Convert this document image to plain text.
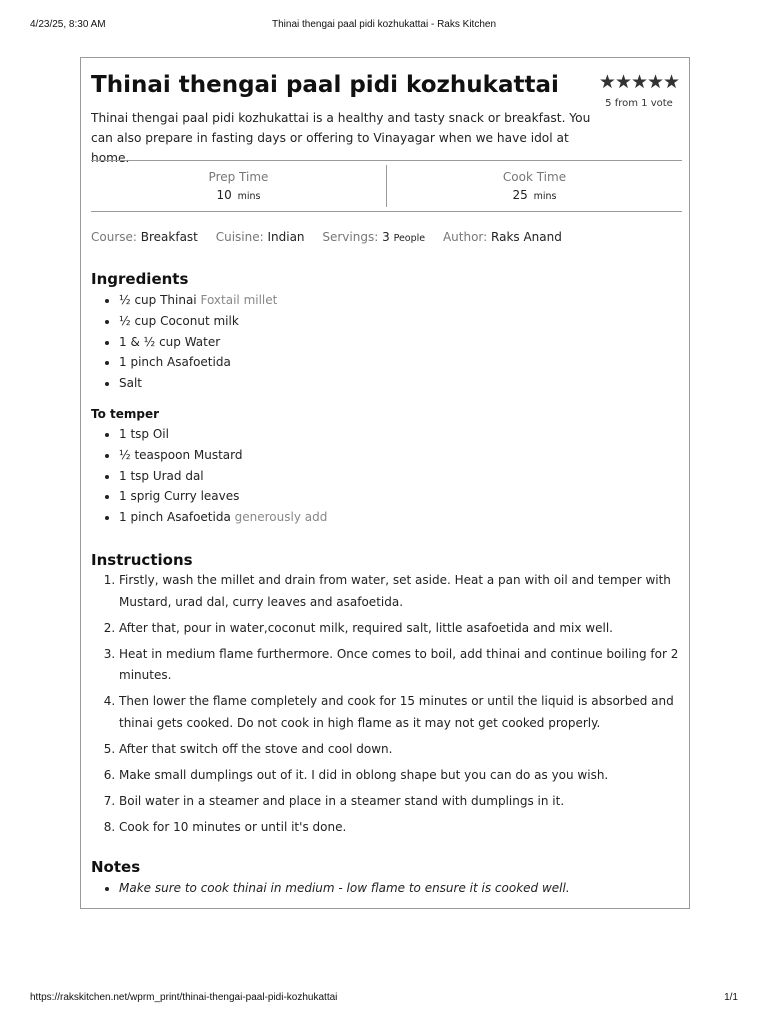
4/23/25, 8:30 AM	Thinai thengai paal pidi kozhukattai - Raks Kitchen
Thinai thengai paal pidi kozhukattai	★★★★★
5 from 1 vote
Thinai thengai paal pidi kozhukattai is a healthy and tasty snack or breakfast. You can also prepare in fasting days or offering to Vinayagar when we have idol at home.
Prep Time
10 mins
Cook Time
25 mins
Course: Breakfast Cuisine: Indian Servings: 3 People Author: Raks Anand
Ingredients
• ½ cup Thinai Foxtail millet
• ½ cup Coconut milk
• 1 & ½ cup Water
• 1 pinch Asafoetida
• Salt
To temper
• 1 tsp Oil
• ½ teaspoon Mustard
• 1 tsp Urad dal
• 1 sprig Curry leaves
• 1 pinch Asafoetida generously add
Instructions
1. Firstly, wash the millet and drain from water, set aside. Heat a pan with oil and temper with Mustard, urad dal, curry leaves and asafoetida.
2. After that, pour in water,coconut milk, required salt, little asafoetida and mix well.
3. Heat in medium flame furthermore. Once comes to boil, add thinai and continue boiling for 2 minutes.
4. Then lower the flame completely and cook for 15 minutes or until the liquid is absorbed and thinai gets cooked. Do not cook in high flame as it may not get cooked properly.
5. After that switch off the stove and cool down.
6. Make small dumplings out of it. I did in oblong shape but you can do as you wish.
7. Boil water in a steamer and place in a steamer stand with dumplings in it.
8. Cook for 10 minutes or until it's done.
Notes
• Make sure to cook thinai in medium - low flame to ensure it is cooked well.
https://rakskitchen.net/wprm_print/thinai-thengai-paal-pidi-kozhukattai	1/1
